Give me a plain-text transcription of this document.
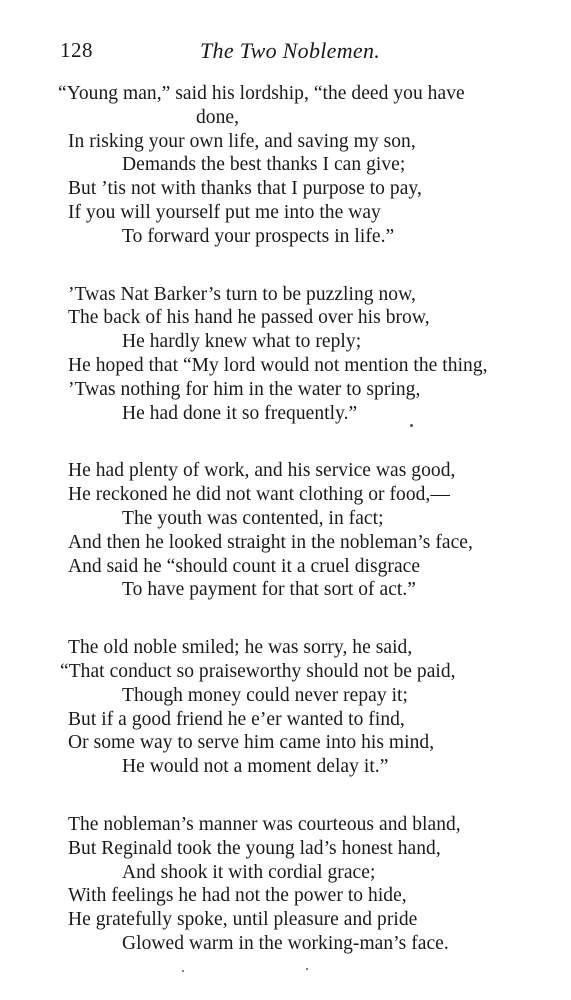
128	The Two Noblemen.
“Young man,” said his lordship, “the deed you have
done,
In risking your own life, and saving my son,
Demands the best thanks I can give;
But ’tis not with thanks that I purpose to pay,
If you will yourself put me into the way
To forward your prospects in life.”
’Twas Nat Barker’s turn to be puzzling now,
The back of his hand he passed over his brow,
He hardly knew what to reply;
He hoped that “My lord would not mention the thing,
’Twas nothing for him in the water to spring,
He had done it so frequently.”
He had plenty of work, and his service was good,
He reckoned he did not want clothing or food,—
The youth was contented, in fact;
And then he looked straight in the nobleman’s face,
And said he “should count it a cruel disgrace
To have payment for that sort of act.”
The old noble smiled; he was sorry, he said,
“That conduct so praiseworthy should not be paid,
Though money could never repay it;
But if a good friend he e’er wanted to find,
Or some way to serve him came into his mind,
He would not a moment delay it.”
The nobleman’s manner was courteous and bland,
But Reginald took the young lad’s honest hand,
And shook it with cordial grace;
With feelings he had not the power to hide,
He gratefully spoke, until pleasure and pride
Glowed warm in the working-man’s face.
